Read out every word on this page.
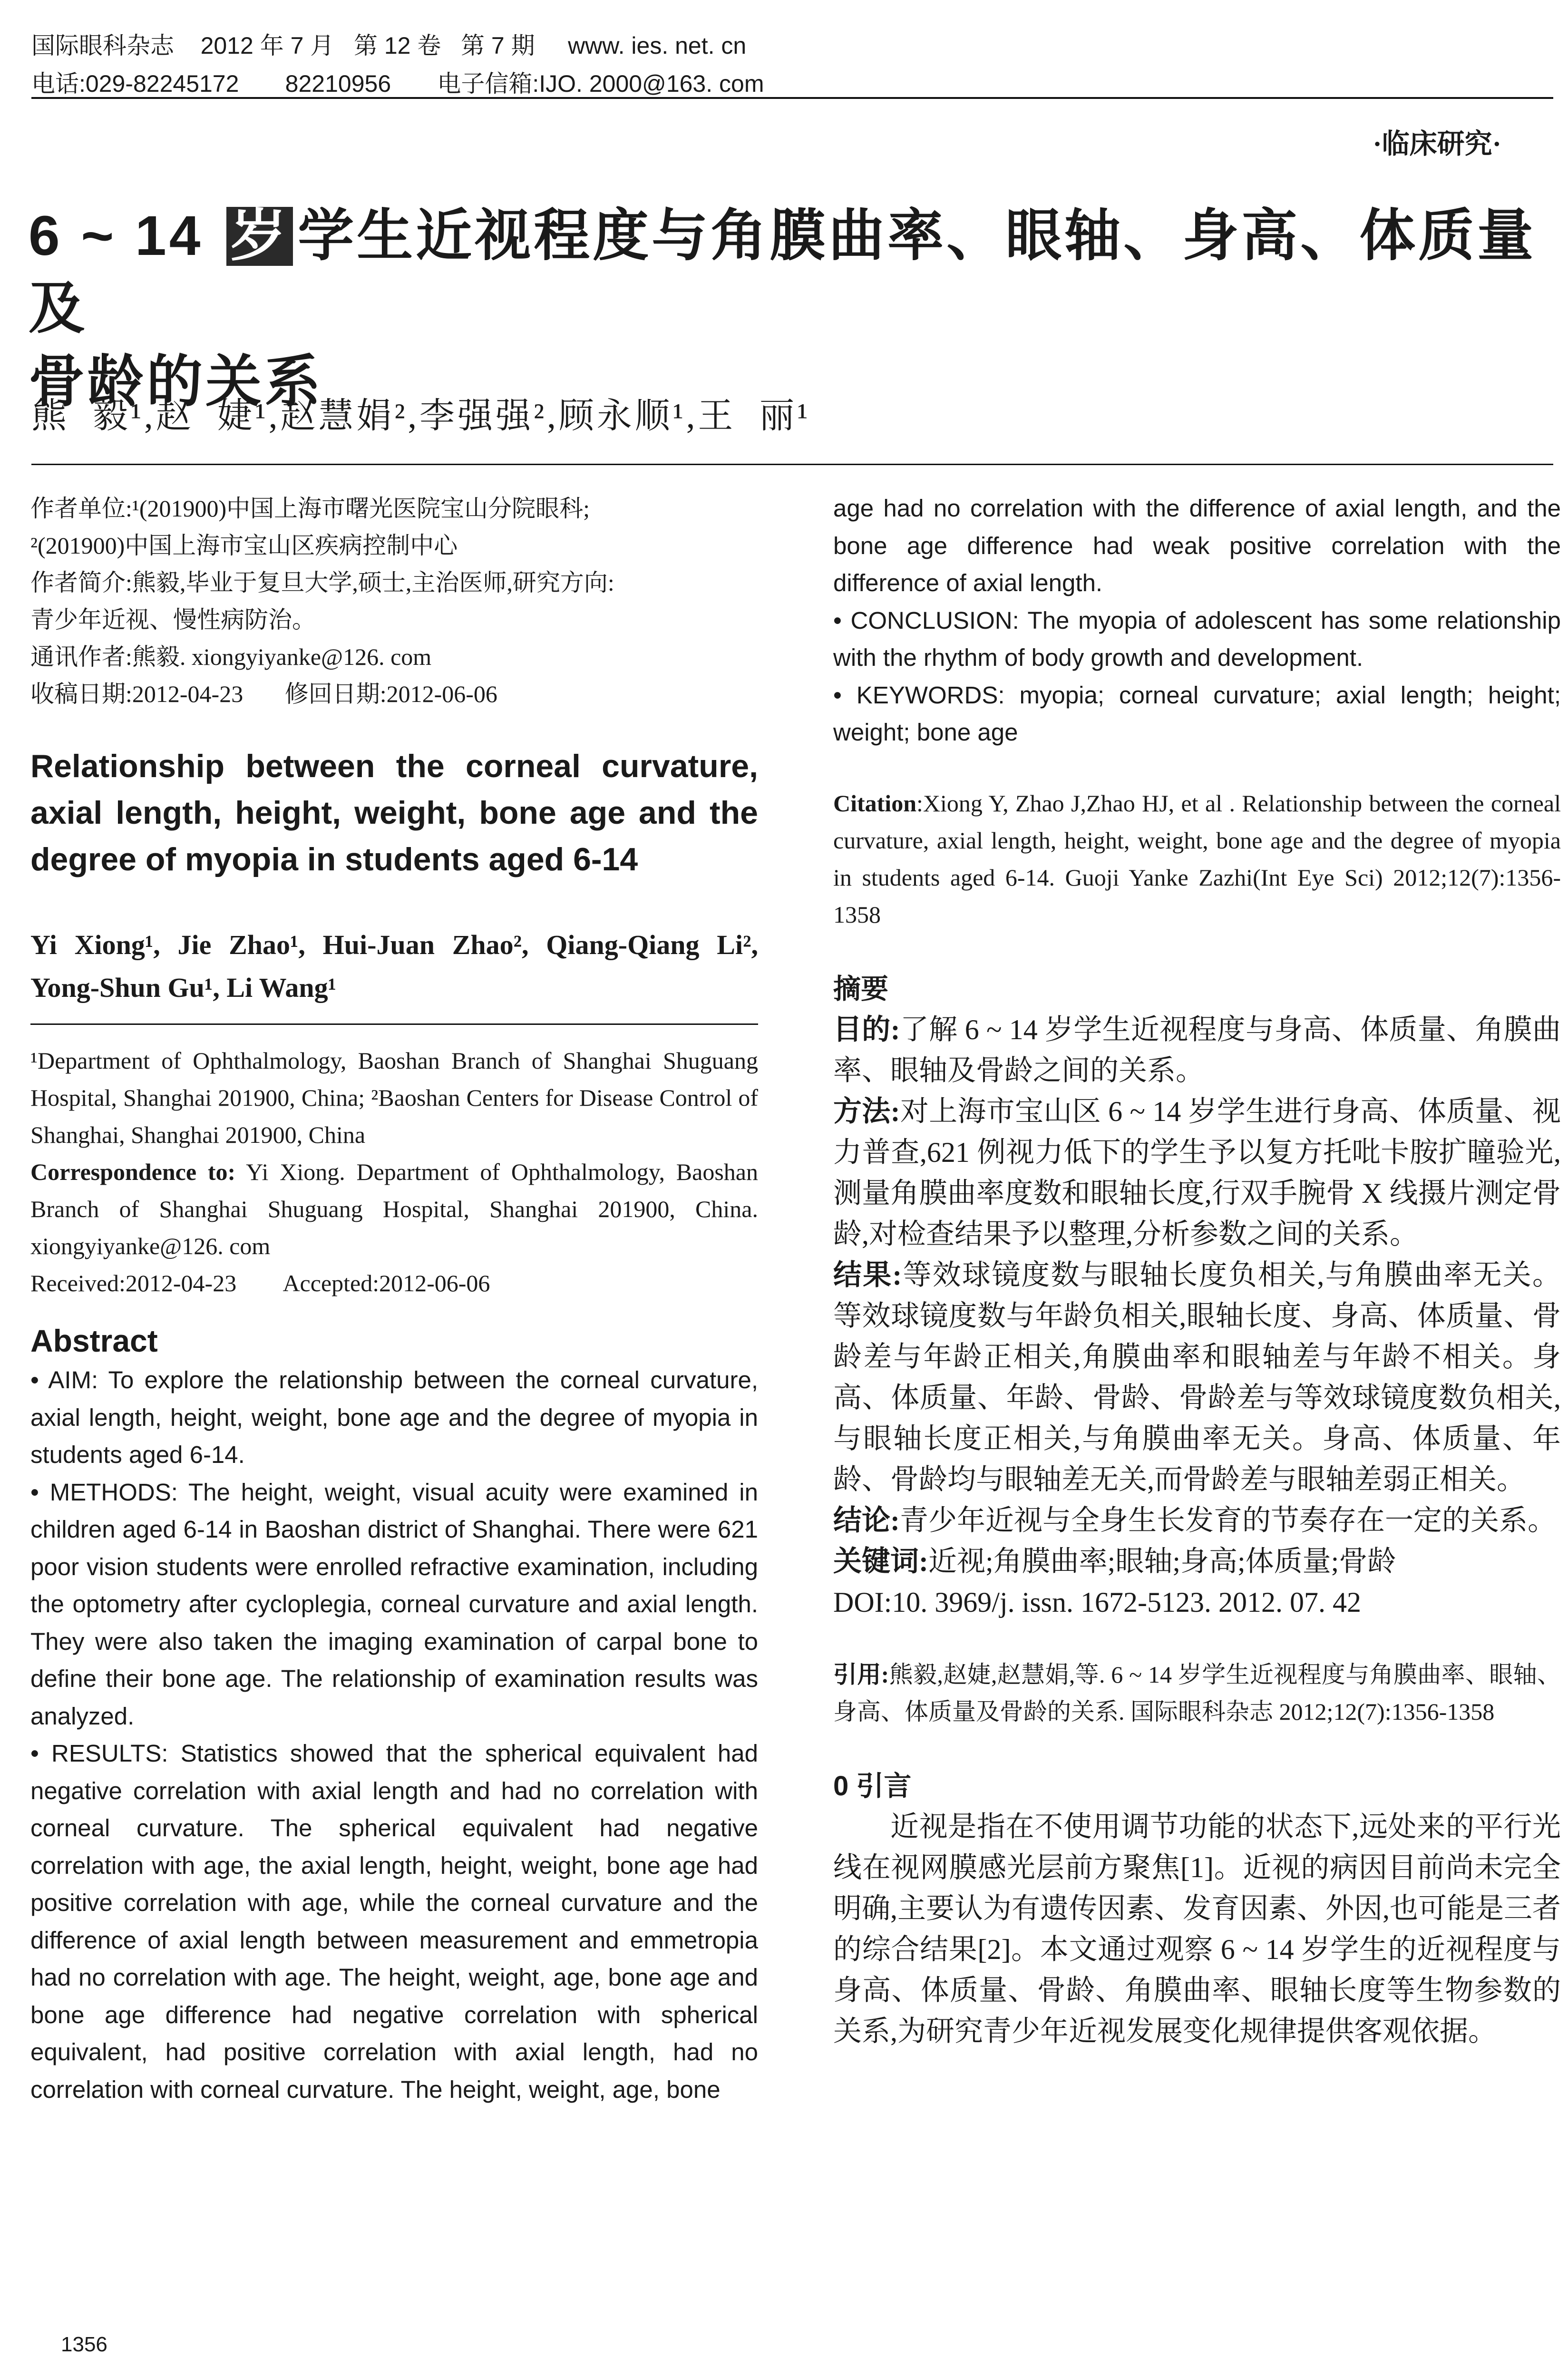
国际眼科杂志    2012 年 7 月   第 12 卷   第 7 期     www. ies. net. cn
电话:029-82245172       82210956       电子信箱:IJO. 2000@163. com
·临床研究·
6 ~ 14 岁 学生近视程度与角膜曲率、眼轴、身高、体质量及
骨龄的关系
熊  毅¹,赵  婕¹,赵慧娟²,李强强²,顾永顺¹,王  丽¹
作者单位:¹(201900)中国上海市曙光医院宝山分院眼科;
²(201900)中国上海市宝山区疾病控制中心
作者简介:熊毅,毕业于复旦大学,硕士,主治医师,研究方向:
青少年近视、慢性病防治。
通讯作者:熊毅. xiongyiyanke@126. com
收稿日期:2012-04-23       修回日期:2012-06-06

Relationship between the corneal curvature, axial length, height, weight, bone age and the degree of myopia in students aged 6-14

Yi Xiong¹, Jie Zhao¹, Hui-Juan Zhao², Qiang-Qiang Li², Yong-Shun Gu¹, Li Wang¹

¹Department of Ophthalmology, Baoshan Branch of Shanghai Shuguang Hospital, Shanghai 201900, China; ²Baoshan Centers for Disease Control of Shanghai, Shanghai 201900, China

Correspondence to: Yi Xiong. Department of Ophthalmology, Baoshan Branch of Shanghai Shuguang Hospital, Shanghai 201900, China. xiongyiyanke@126. com

Received:2012-04-23        Accepted:2012-06-06

Abstract

• AIM: To explore the relationship between the corneal curvature, axial length, height, weight, bone age and the degree of myopia in students aged 6-14.

• METHODS: The height, weight, visual acuity were examined in children aged 6-14 in Baoshan district of Shanghai. There were 621 poor vision students were enrolled refractive examination, including the optometry after cycloplegia, corneal curvature and axial length. They were also taken the imaging examination of carpal bone to define their bone age. The relationship of examination results was analyzed.

• RESULTS: Statistics showed that the spherical equivalent had negative correlation with axial length and had no correlation with corneal curvature. The spherical equivalent had negative correlation with age, the axial length, height, weight, bone age had positive correlation with age, while the corneal curvature and the difference of axial length between measurement and emmetropia had no correlation with age. The height, weight, age, bone age and bone age difference had negative correlation with spherical equivalent, had positive correlation with axial length, had no correlation with corneal curvature. The height, weight, age, bone

age had no correlation with the difference of axial length, and the bone age difference had weak positive correlation with the difference of axial length.

• CONCLUSION: The myopia of adolescent has some relationship with the rhythm of body growth and development.

• KEYWORDS: myopia; corneal curvature; axial length; height; weight; bone age

Citation:Xiong Y, Zhao J,Zhao HJ, et al . Relationship between the corneal curvature, axial length, height, weight, bone age and the degree of myopia in students aged 6-14. Guoji Yanke Zazhi(Int Eye Sci) 2012;12(7):1356-1358

摘要

目的:了解 6 ~ 14 岁学生近视程度与身高、体质量、角膜曲率、眼轴及骨龄之间的关系。

方法:对上海市宝山区 6 ~ 14 岁学生进行身高、体质量、视力普查,621 例视力低下的学生予以复方托吡卡胺扩瞳验光,测量角膜曲率度数和眼轴长度,行双手腕骨 X 线摄片测定骨龄,对检查结果予以整理,分析参数之间的关系。

结果:等效球镜度数与眼轴长度负相关,与角膜曲率无关。等效球镜度数与年龄负相关,眼轴长度、身高、体质量、骨龄差与年龄正相关,角膜曲率和眼轴差与年龄不相关。身高、体质量、年龄、骨龄、骨龄差与等效球镜度数负相关,与眼轴长度正相关,与角膜曲率无关。身高、体质量、年龄、骨龄均与眼轴差无关,而骨龄差与眼轴差弱正相关。

结论:青少年近视与全身生长发育的节奏存在一定的关系。

关键词:近视;角膜曲率;眼轴;身高;体质量;骨龄

DOI:10. 3969/j. issn. 1672-5123. 2012. 07. 42

引用:熊毅,赵婕,赵慧娟,等. 6 ~ 14 岁学生近视程度与角膜曲率、眼轴、身高、体质量及骨龄的关系. 国际眼科杂志 2012;12(7):1356-1358

0 引言

近视是指在不使用调节功能的状态下,远处来的平行光线在视网膜感光层前方聚焦[1]。近视的病因目前尚未完全明确,主要认为有遗传因素、发育因素、外因,也可能是三者的综合结果[2]。本文通过观察 6 ~ 14 岁学生的近视程度与身高、体质量、骨龄、角膜曲率、眼轴长度等生物参数的关系,为研究青少年近视发展变化规律提供客观依据。

1356
